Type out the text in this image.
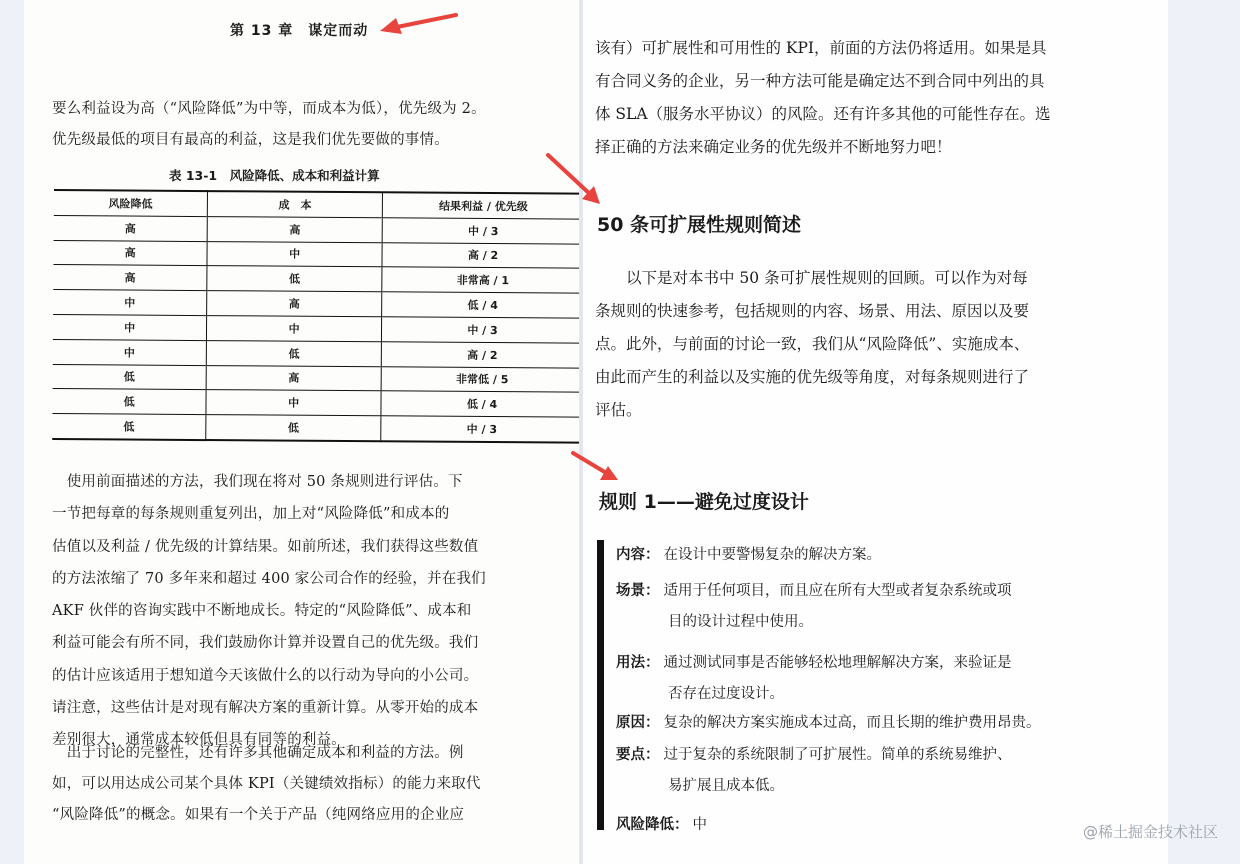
第 13 章　谋定而动
要么利益设为高（“风险降低”为中等，而成本为低），优先级为 2。
优先级最低的项目有最高的利益，这是我们优先要做的事情。
表 13-1　风险降低、成本和利益计算
风险降低	成　本	结果利益 / 优先级
高	高	中 / 3
高	中	高 / 2
高	低	非常高 / 1
中	高	低 / 4
中	中	中 / 3
中	低	高 / 2
低	高	非常低 / 5
低	中	低 / 4
低	低	中 / 3
　使用前面描述的方法，我们现在将对 50 条规则进行评估。下
一节把每章的每条规则重复列出，加上对“风险降低”和成本的
估值以及利益 / 优先级的计算结果。如前所述，我们获得这些数值
的方法浓缩了 70 多年来和超过 400 家公司合作的经验，并在我们
AKF 伙伴的咨询实践中不断地成长。特定的“风险降低”、成本和
利益可能会有所不同，我们鼓励你计算并设置自己的优先级。我们
的估计应该适用于想知道今天该做什么的以行动为导向的小公司。
请注意，这些估计是对现有解决方案的重新计算。从零开始的成本
差别很大，通常成本较低但具有同等的利益。
　出于讨论的完整性，还有许多其他确定成本和利益的方法。例
如，可以用达成公司某个具体 KPI（关键绩效指标）的能力来取代
“风险降低”的概念。如果有一个关于产品（纯网络应用的企业应
该有）可扩展性和可用性的 KPI，前面的方法仍将适用。如果是具
有合同义务的企业，另一种方法可能是确定达不到合同中列出的具
体 SLA（服务水平协议）的风险。还有许多其他的可能性存在。选
择正确的方法来确定业务的优先级并不断地努力吧！
50 条可扩展性规则简述
　　以下是对本书中 50 条可扩展性规则的回顾。可以作为对每
条规则的快速参考，包括规则的内容、场景、用法、原因以及要
点。此外，与前面的讨论一致，我们从“风险降低”、实施成本、
由此而产生的利益以及实施的优先级等角度，对每条规则进行了
评估。
规则 1——避免过度设计
内容： 在设计中要警惕复杂的解决方案。
场景： 适用于任何项目，而且应在所有大型或者复杂系统或项
目的设计过程中使用。
用法： 通过测试同事是否能够轻松地理解解决方案，来验证是
否存在过度设计。
原因： 复杂的解决方案实施成本过高，而且长期的维护费用昂贵。
要点： 过于复杂的系统限制了可扩展性。简单的系统易维护、
易扩展且成本低。
风险降低： 中	@稀土掘金技术社区
